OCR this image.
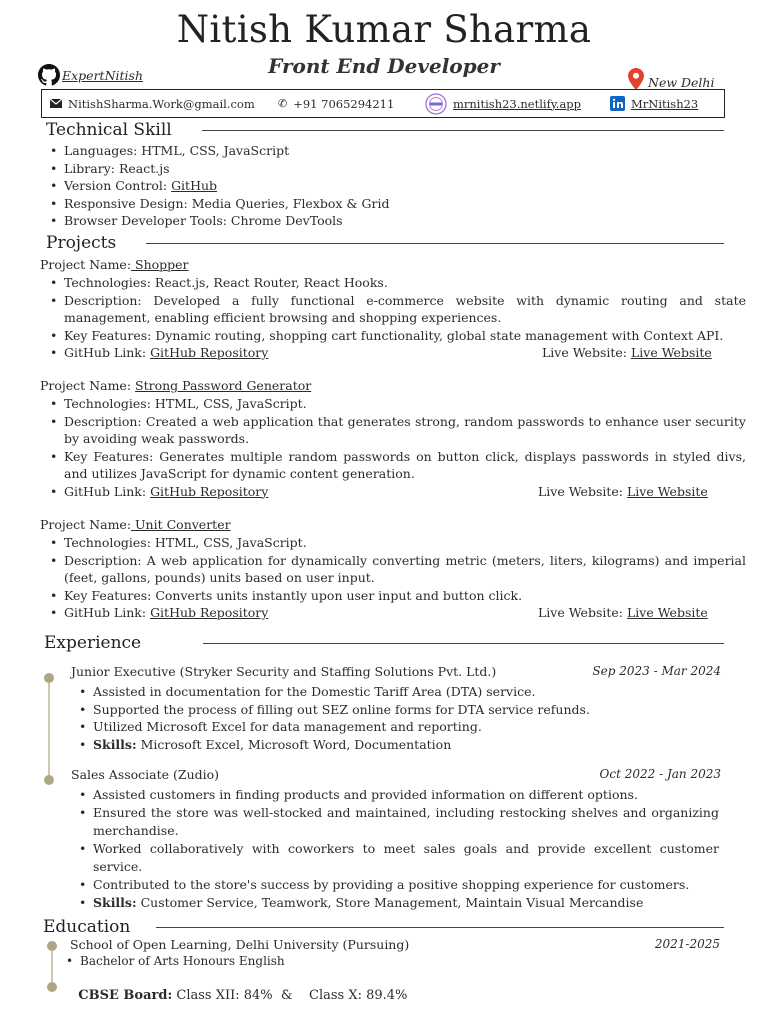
Nitish Kumar Sharma
Front End Developer
ExpertNitish	New Delhi
NitishSharma.Work@gmail.com ✆ +91 7065294211	mrnitish23.netlify.app	MrNitish23
Technical Skill
• Languages: HTML, CSS, JavaScript
• Library: React.js
• Version Control: GitHub
• Responsive Design: Media Queries, Flexbox & Grid
• Browser Developer Tools: Chrome DevTools
Projects
Project Name: Shopper
• Technologies: React.js, React Router, React Hooks.
• Description: Developed a fully functional e-commerce website with dynamic routing and state management, enabling efficient browsing and shopping experiences.
• Key Features: Dynamic routing, shopping cart functionality, global state management with Context API.
• GitHub Link: GitHub Repository	Live Website: Live Website
Project Name: Strong Password Generator
• Technologies: HTML, CSS, JavaScript.
• Description: Created a web application that generates strong, random passwords to enhance user security by avoiding weak passwords.
• Key Features: Generates multiple random passwords on button click, displays passwords in styled divs, and utilizes JavaScript for dynamic content generation.
• GitHub Link: GitHub Repository	Live Website: Live Website
Project Name: Unit Converter
• Technologies: HTML, CSS, JavaScript.
• Description: A web application for dynamically converting metric (meters, liters, kilograms) and imperial (feet, gallons, pounds) units based on user input.
• Key Features: Converts units instantly upon user input and button click.
• GitHub Link: GitHub Repository	Live Website: Live Website
Experience
Junior Executive (Stryker Security and Staffing Solutions Pvt. Ltd.)	Sep 2023 - Mar 2024
• Assisted in documentation for the Domestic Tariff Area (DTA) service.
• Supported the process of filling out SEZ online forms for DTA service refunds.
• Utilized Microsoft Excel for data management and reporting.
• Skills: Microsoft Excel, Microsoft Word, Documentation
Sales Associate (Zudio)	Oct 2022 - Jan 2023
• Assisted customers in finding products and provided information on different options.
• Ensured the store was well-stocked and maintained, including restocking shelves and organizing merchandise.
• Worked collaboratively with coworkers to meet sales goals and provide excellent customer service.
• Contributed to the store's success by providing a positive shopping experience for customers.
• Skills: Customer Service, Teamwork, Store Management, Maintain Visual Mercandise
Education
School of Open Learning, Delhi University (Pursuing)	2021-2025
• Bachelor of Arts Honours English

CBSE Board: Class XII: 84%  &    Class X: 89.4%
